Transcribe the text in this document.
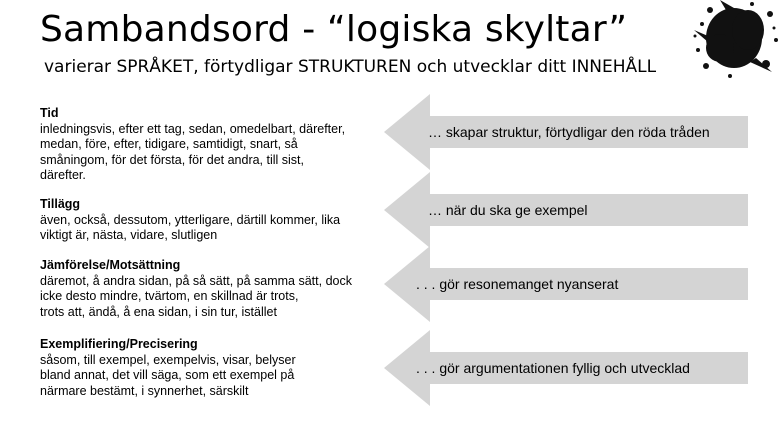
Sambandsord - “logiska skyltar”
varierar SPRÅKET, förtydligar STRUKTUREN och utvecklar ditt INNEHÅLL
Tid
inledningsvis, efter ett tag, sedan, omedelbart, därefter,
medan, före, efter, tidigare, samtidigt, snart, så
småningom, för det första, för det andra, till sist,
därefter.
Tillägg
även, också, dessutom, ytterligare, därtill kommer, lika
viktigt är, nästa, vidare, slutligen
Jämförelse/Motsättning
däremot, å andra sidan, på så sätt, på samma sätt, dock
icke desto mindre, tvärtom, en skillnad är trots,
trots att, ändå, å ena sidan, i sin tur, istället
Exemplifiering/Precisering
såsom, till exempel, exempelvis, visar, belyser
bland annat, det vill säga, som ett exempel på
närmare bestämt, i synnerhet, särskilt
… skapar struktur, förtydligar den röda tråden
… när du ska ge exempel
. . . gör resonemanget nyanserat
. . . gör argumentationen fyllig och utvecklad
